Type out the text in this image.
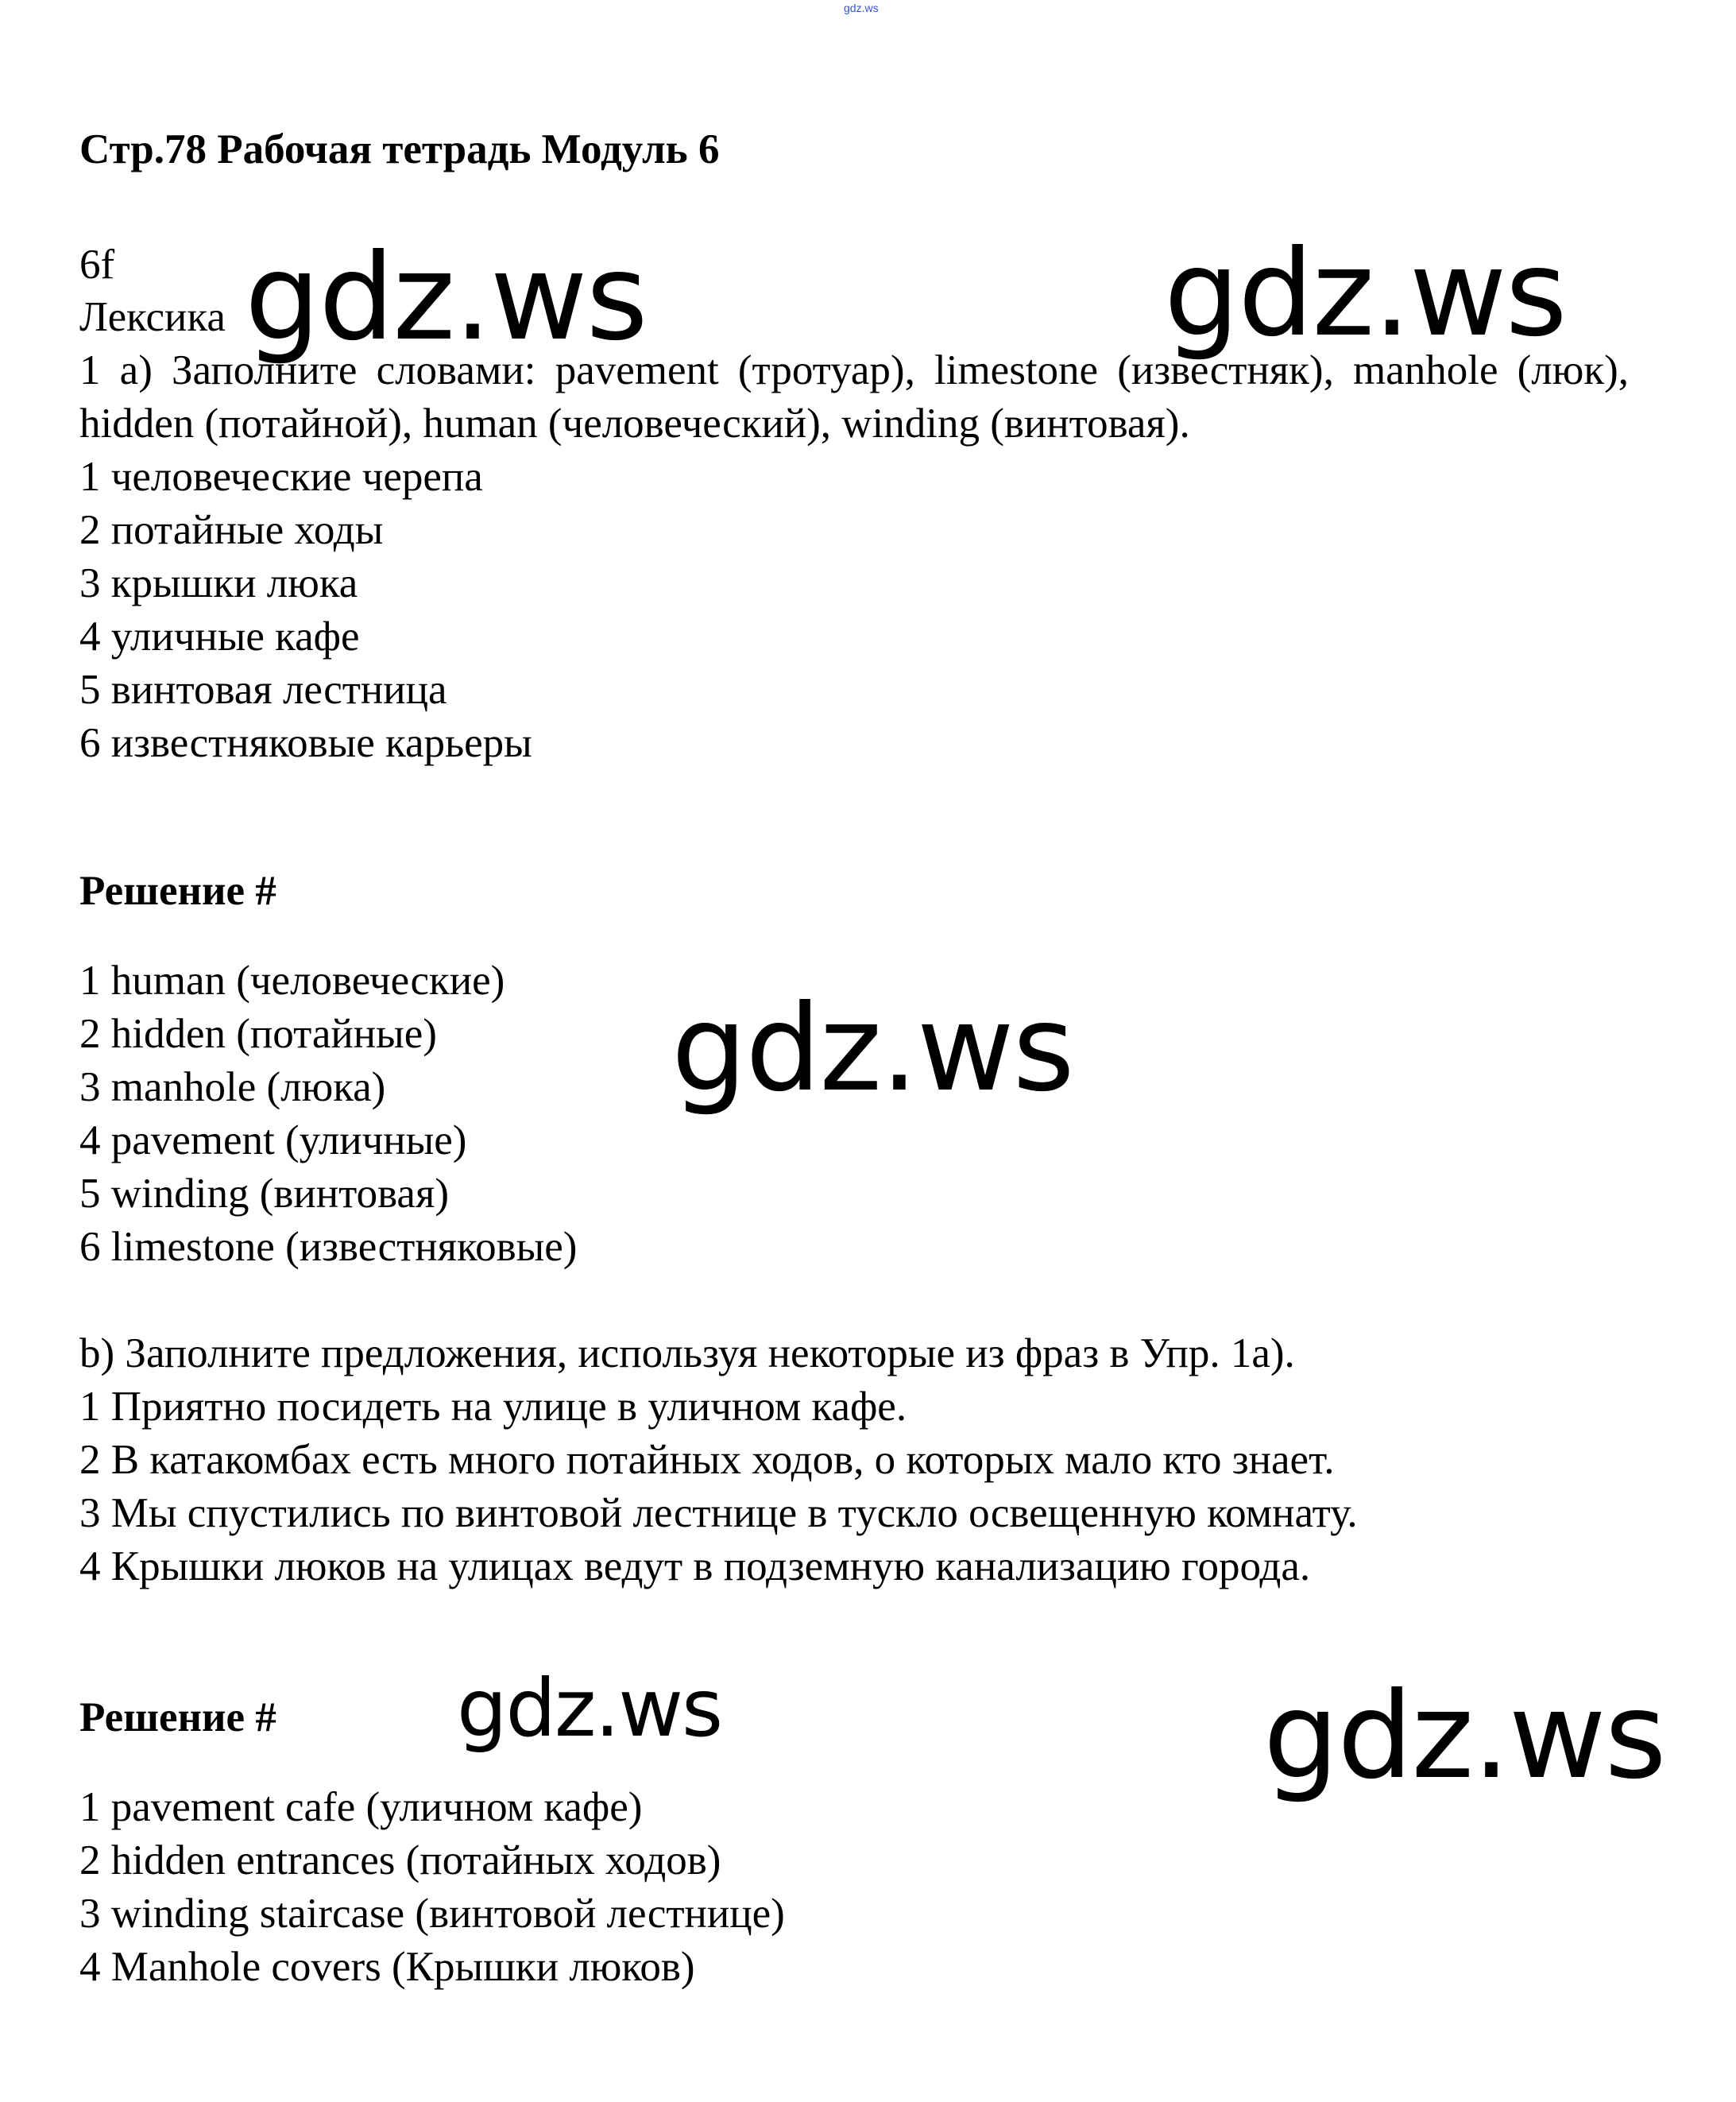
gdz.ws
Стр.78 Рабочая тетрадь Модуль 6
6f
Лексика
1 a) Заполните словами: pavement (тротуар), limestone (известняк), manhole (люк), hidden (потайной), human (человеческий), winding (винтовая).
1 человеческие черепа
2 потайные ходы
3 крышки люка
4 уличные кафе
5 винтовая лестница
6 известняковые карьеры
Решение #
1 human (человеческие)
2 hidden (потайные)
3 manhole (люка)
4 pavement (уличные)
5 winding (винтовая)
6 limestone (известняковые)
b) Заполните предложения, используя некоторые из фраз в Упр. 1a).
1 Приятно посидеть на улице в уличном кафе.
2 В катакомбах есть много потайных ходов, о которых мало кто знает.
3 Мы спустились по винтовой лестнице в тускло освещенную комнату.
4 Крышки люков на улицах ведут в подземную канализацию города.
Решение #
1 pavement cafe (уличном кафе)
2 hidden entrances (потайных ходов)
3 winding staircase (винтовой лестнице)
4 Manhole covers (Крышки люков)
gdz.ws	gdz.ws
gdz.ws
gdz.ws	gdz.ws
